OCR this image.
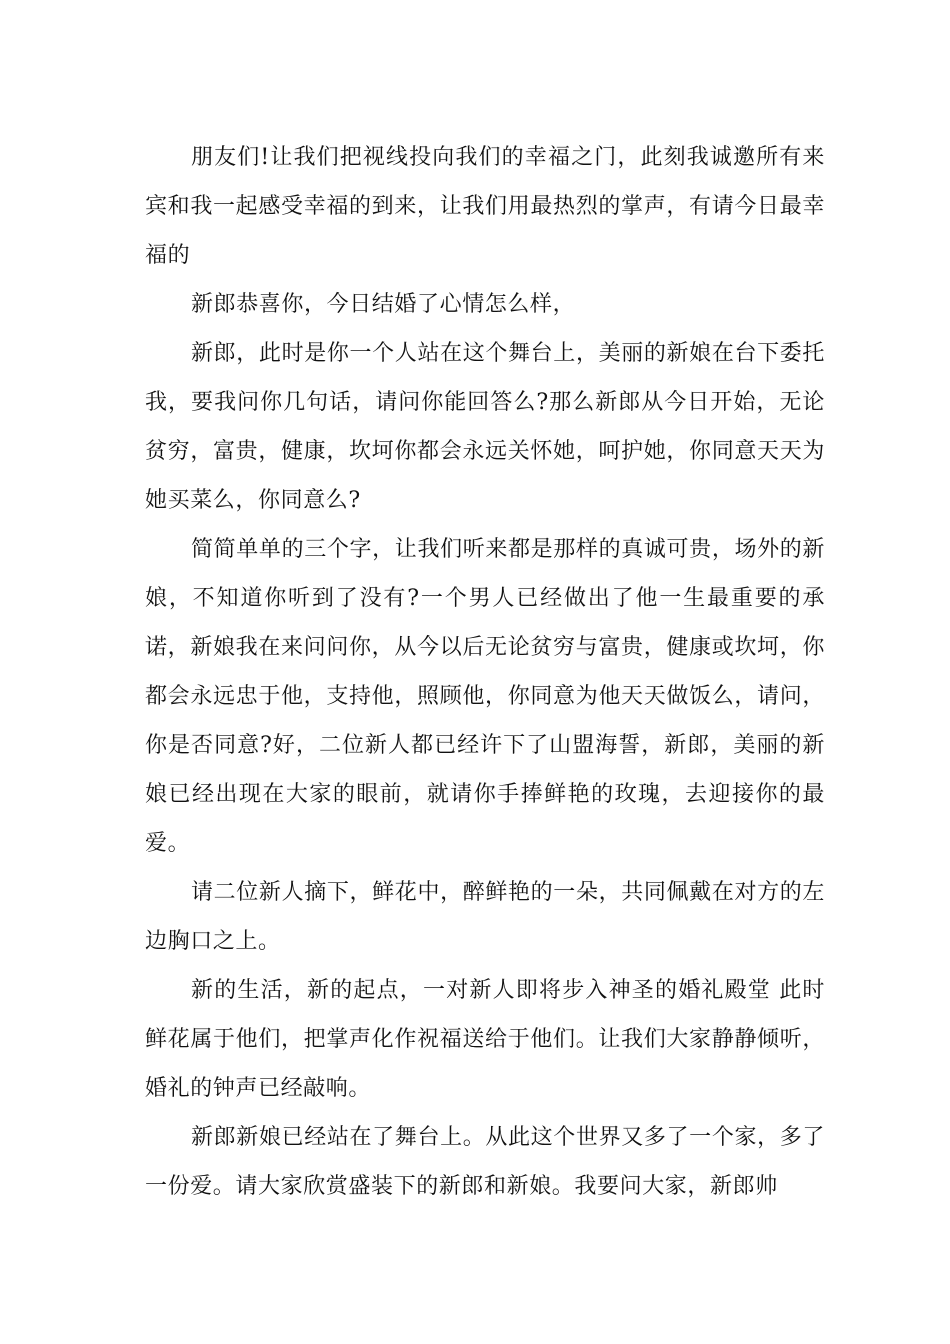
朋友们!让我们把视线投向我们的幸福之门，此刻我诚邀所有来宾和我一起感受幸福的到来，让我们用最热烈的掌声，有请今日最幸福的

新郎恭喜你，今日结婚了心情怎么样，

新郎，此时是你一个人站在这个舞台上，美丽的新娘在台下委托我，要我问你几句话，请问你能回答么?那么新郎从今日开始，无论贫穷，富贵，健康，坎坷你都会永远关怀她，呵护她，你同意天天为她买菜么，你同意么?

简简单单的三个字，让我们听来都是那样的真诚可贵，场外的新娘，不知道你听到了没有?一个男人已经做出了他一生最重要的承诺，新娘我在来问问你，从今以后无论贫穷与富贵，健康或坎坷，你都会永远忠于他，支持他，照顾他，你同意为他天天做饭么，请问，你是否同意?好，二位新人都已经许下了山盟海誓，新郎，美丽的新娘已经出现在大家的眼前，就请你手捧鲜艳的玫瑰，去迎接你的最爱。

请二位新人摘下，鲜花中，醉鲜艳的一朵，共同佩戴在对方的左边胸口之上。

新的生活，新的起点，一对新人即将步入神圣的婚礼殿堂 此时鲜花属于他们，把掌声化作祝福送给于他们。让我们大家静静倾听，婚礼的钟声已经敲响。

新郎新娘已经站在了舞台上。从此这个世界又多了一个家，多了一份爱。请大家欣赏盛装下的新郎和新娘。我要问大家，新郎帅
